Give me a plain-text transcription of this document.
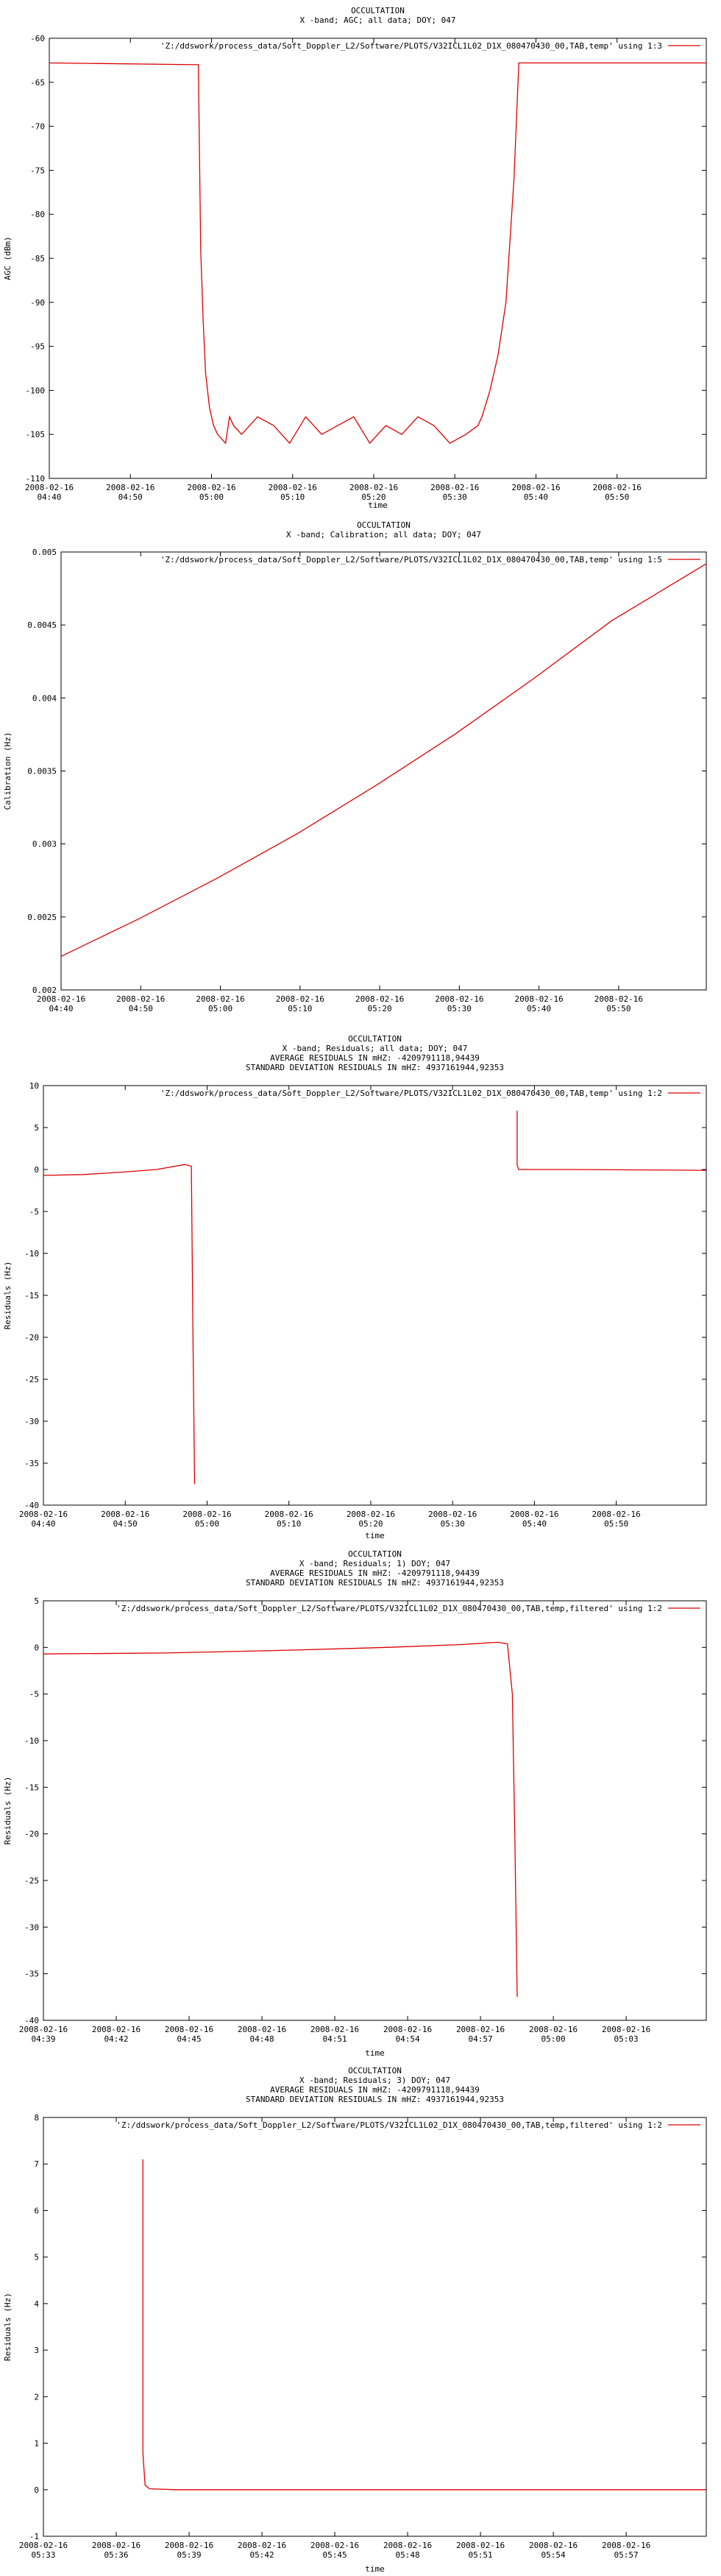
OCCULTATION
X -band; AGC; all data; DOY; 047
-60
-65
-70
-75
-80
-85
-90
-95
-100
-105
-110
2008-02-16
04:40
2008-02-16
04:50
2008-02-16
05:00
2008-02-16
05:10
2008-02-16
05:20
2008-02-16
05:30
2008-02-16
05:40
2008-02-16
05:50
AGC (dBm)
time
'Z:/ddswork/process_data/Soft_Doppler_L2/Software/PLOTS/V32ICL1L02_D1X_080470430_00,TAB,temp' using 1:3
OCCULTATION
X -band; Calibration; all data; DOY; 047
0.005
0.0045
0.004
0.0035
0.003
0.0025
0.002
2008-02-16
04:40
2008-02-16
04:50
2008-02-16
05:00
2008-02-16
05:10
2008-02-16
05:20
2008-02-16
05:30
2008-02-16
05:40
2008-02-16
05:50
Calibration (Hz)
'Z:/ddswork/process_data/Soft_Doppler_L2/Software/PLOTS/V32ICL1L02_D1X_080470430_00,TAB,temp' using 1:5
OCCULTATION
X -band; Residuals; all data; DOY; 047
AVERAGE RESIDUALS IN mHZ: -4209791118,94439
STANDARD DEVIATION RESIDUALS IN mHZ: 4937161944,92353
10
5
0
-5
-10
-15
-20
-25
-30
-35
-40
2008-02-16
04:40
2008-02-16
04:50
2008-02-16
05:00
2008-02-16
05:10
2008-02-16
05:20
2008-02-16
05:30
2008-02-16
05:40
2008-02-16
05:50
Residuals (Hz)
time
'Z:/ddswork/process_data/Soft_Doppler_L2/Software/PLOTS/V32ICL1L02_D1X_080470430_00,TAB,temp' using 1:2
OCCULTATION
X -band; Residuals; 1) DOY; 047
AVERAGE RESIDUALS IN mHZ: -4209791118,94439
STANDARD DEVIATION RESIDUALS IN mHZ: 4937161944,92353
5
0
-5
-10
-15
-20
-25
-30
-35
-40
2008-02-16
04:39
2008-02-16
04:42
2008-02-16
04:45
2008-02-16
04:48
2008-02-16
04:51
2008-02-16
04:54
2008-02-16
04:57
2008-02-16
05:00
2008-02-16
05:03
Residuals (Hz)
time
'Z:/ddswork/process_data/Soft_Doppler_L2/Software/PLOTS/V32ICL1L02_D1X_080470430_00,TAB,temp,filtered' using 1:2
OCCULTATION
X -band; Residuals; 3) DOY; 047
AVERAGE RESIDUALS IN mHZ: -4209791118,94439
STANDARD DEVIATION RESIDUALS IN mHZ: 4937161944,92353
8
7
6
5
4
3
2
1
0
-1
2008-02-16
05:33
2008-02-16
05:36
2008-02-16
05:39
2008-02-16
05:42
2008-02-16
05:45
2008-02-16
05:48
2008-02-16
05:51
2008-02-16
05:54
2008-02-16
05:57
Residuals (Hz)
time
'Z:/ddswork/process_data/Soft_Doppler_L2/Software/PLOTS/V32ICL1L02_D1X_080470430_00,TAB,temp,filtered' using 1:2
